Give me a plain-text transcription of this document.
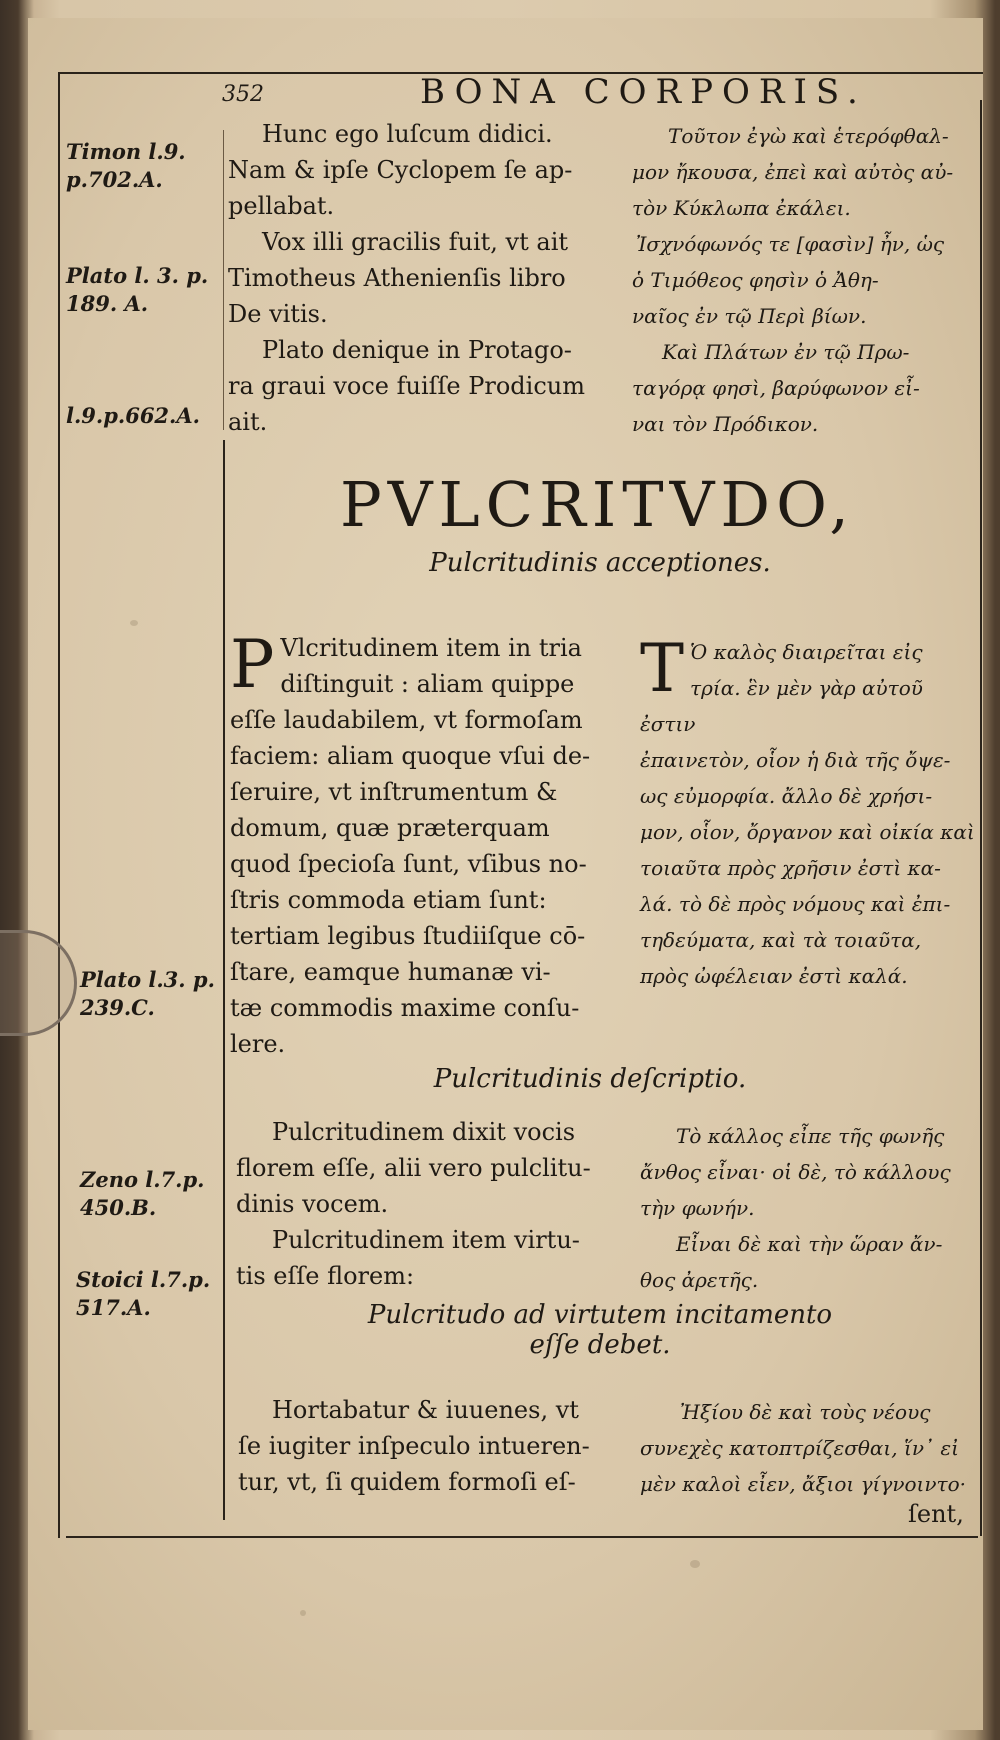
352	BONA CORPORIS.
Timon l.9.
p.702.A.
Plato l. 3. p.
189. A.
l.9.p.662.A.
Plato l.3. p.
239.C.
Zeno l.7.p.
450.B.
Stoici l.7.p.
517.A.
Hunc ego luſcum didici.
Nam & ipſe Cyclopem ſe ap-
pellabat.
Vox illi gracilis fuit, vt ait
Timotheus Athenienſis libro
De vitis.
Plato denique in Protago-
ra graui voce fuiſſe Prodicum
ait.
Τοῦτον ἐγὼ καὶ ἑτερόφθαλ-
μον ἤκουσα, ἐπεὶ καὶ αὐτὸς αὐ-
τὸν Κύκλωπα ἐκάλει.
Ἰσχνόφωνός τε [φασὶν] ἦν, ὡς
ὁ Τιμόθεος φησὶν ὁ Ἀθη-
ναῖος ἐν τῷ Περὶ βίων.
Καὶ Πλάτων ἐν τῷ Πρω-
ταγόρᾳ φησὶ, βαρύφωνον εἶ-
ναι τὸν Πρόδικον.
PVLCRITVDO,
Pulcritudinis acceptiones.
P Vlcritudinem item in tria
diſtinguit : aliam quippe
eſſe laudabilem, vt formoſam
faciem: aliam quoque vſui de-
ſeruire, vt inſtrumentum &
domum, quæ præterquam
quod ſpecioſa ſunt, vſibus no-
ſtris commoda etiam ſunt:
tertiam legibus ſtudiiſque cō-
ſtare, eamque humanæ vi-
tæ commodis maxime conſu-
lere.
Τ Ὁ καλὸς διαιρεῖται εἰς
τρία. ἓν μὲν γὰρ αὐτοῦ ἐστιν
ἐπαινετὸν, οἷον ἡ διὰ τῆς ὄψε-
ως εὐμορφία. ἄλλο δὲ χρήσι-
μον, οἷον, ὄργανον καὶ οἰκία καὶ
τοιαῦτα πρὸς χρῆσιν ἐστὶ κα-
λά. τὸ δὲ πρὸς νόμους καὶ ἐπι-
τηδεύματα, καὶ τὰ τοιαῦτα,
πρὸς ὠφέλειαν ἐστὶ καλά.
Pulcritudinis deſcriptio.
Pulcritudinem dixit vocis
florem eſſe, alii vero pulclitu-
dinis vocem.
Pulcritudinem item virtu-
tis eſſe florem:
Τὸ κάλλος εἶπε τῆς φωνῆς
ἄνθος εἶναι· οἱ δὲ, τὸ κάλλους
τὴν φωνήν.
Εἶναι δὲ καὶ τὴν ὥραν ἄν-
θος ἀρετῆς.
Pulcritudo ad virtutem incitamento
eſſe debet.
Hortabatur & iuuenes, vt
ſe iugiter inſpeculo intueren-
tur, vt, ſi quidem formoſi eſ-
Ἠξίου δὲ καὶ τοὺς νέους
συνεχὲς κατοπτρίζεσθαι, ἵν᾿ εἰ
μὲν καλοὶ εἶεν, ἄξιοι γίγνοιντο·
ſent,
